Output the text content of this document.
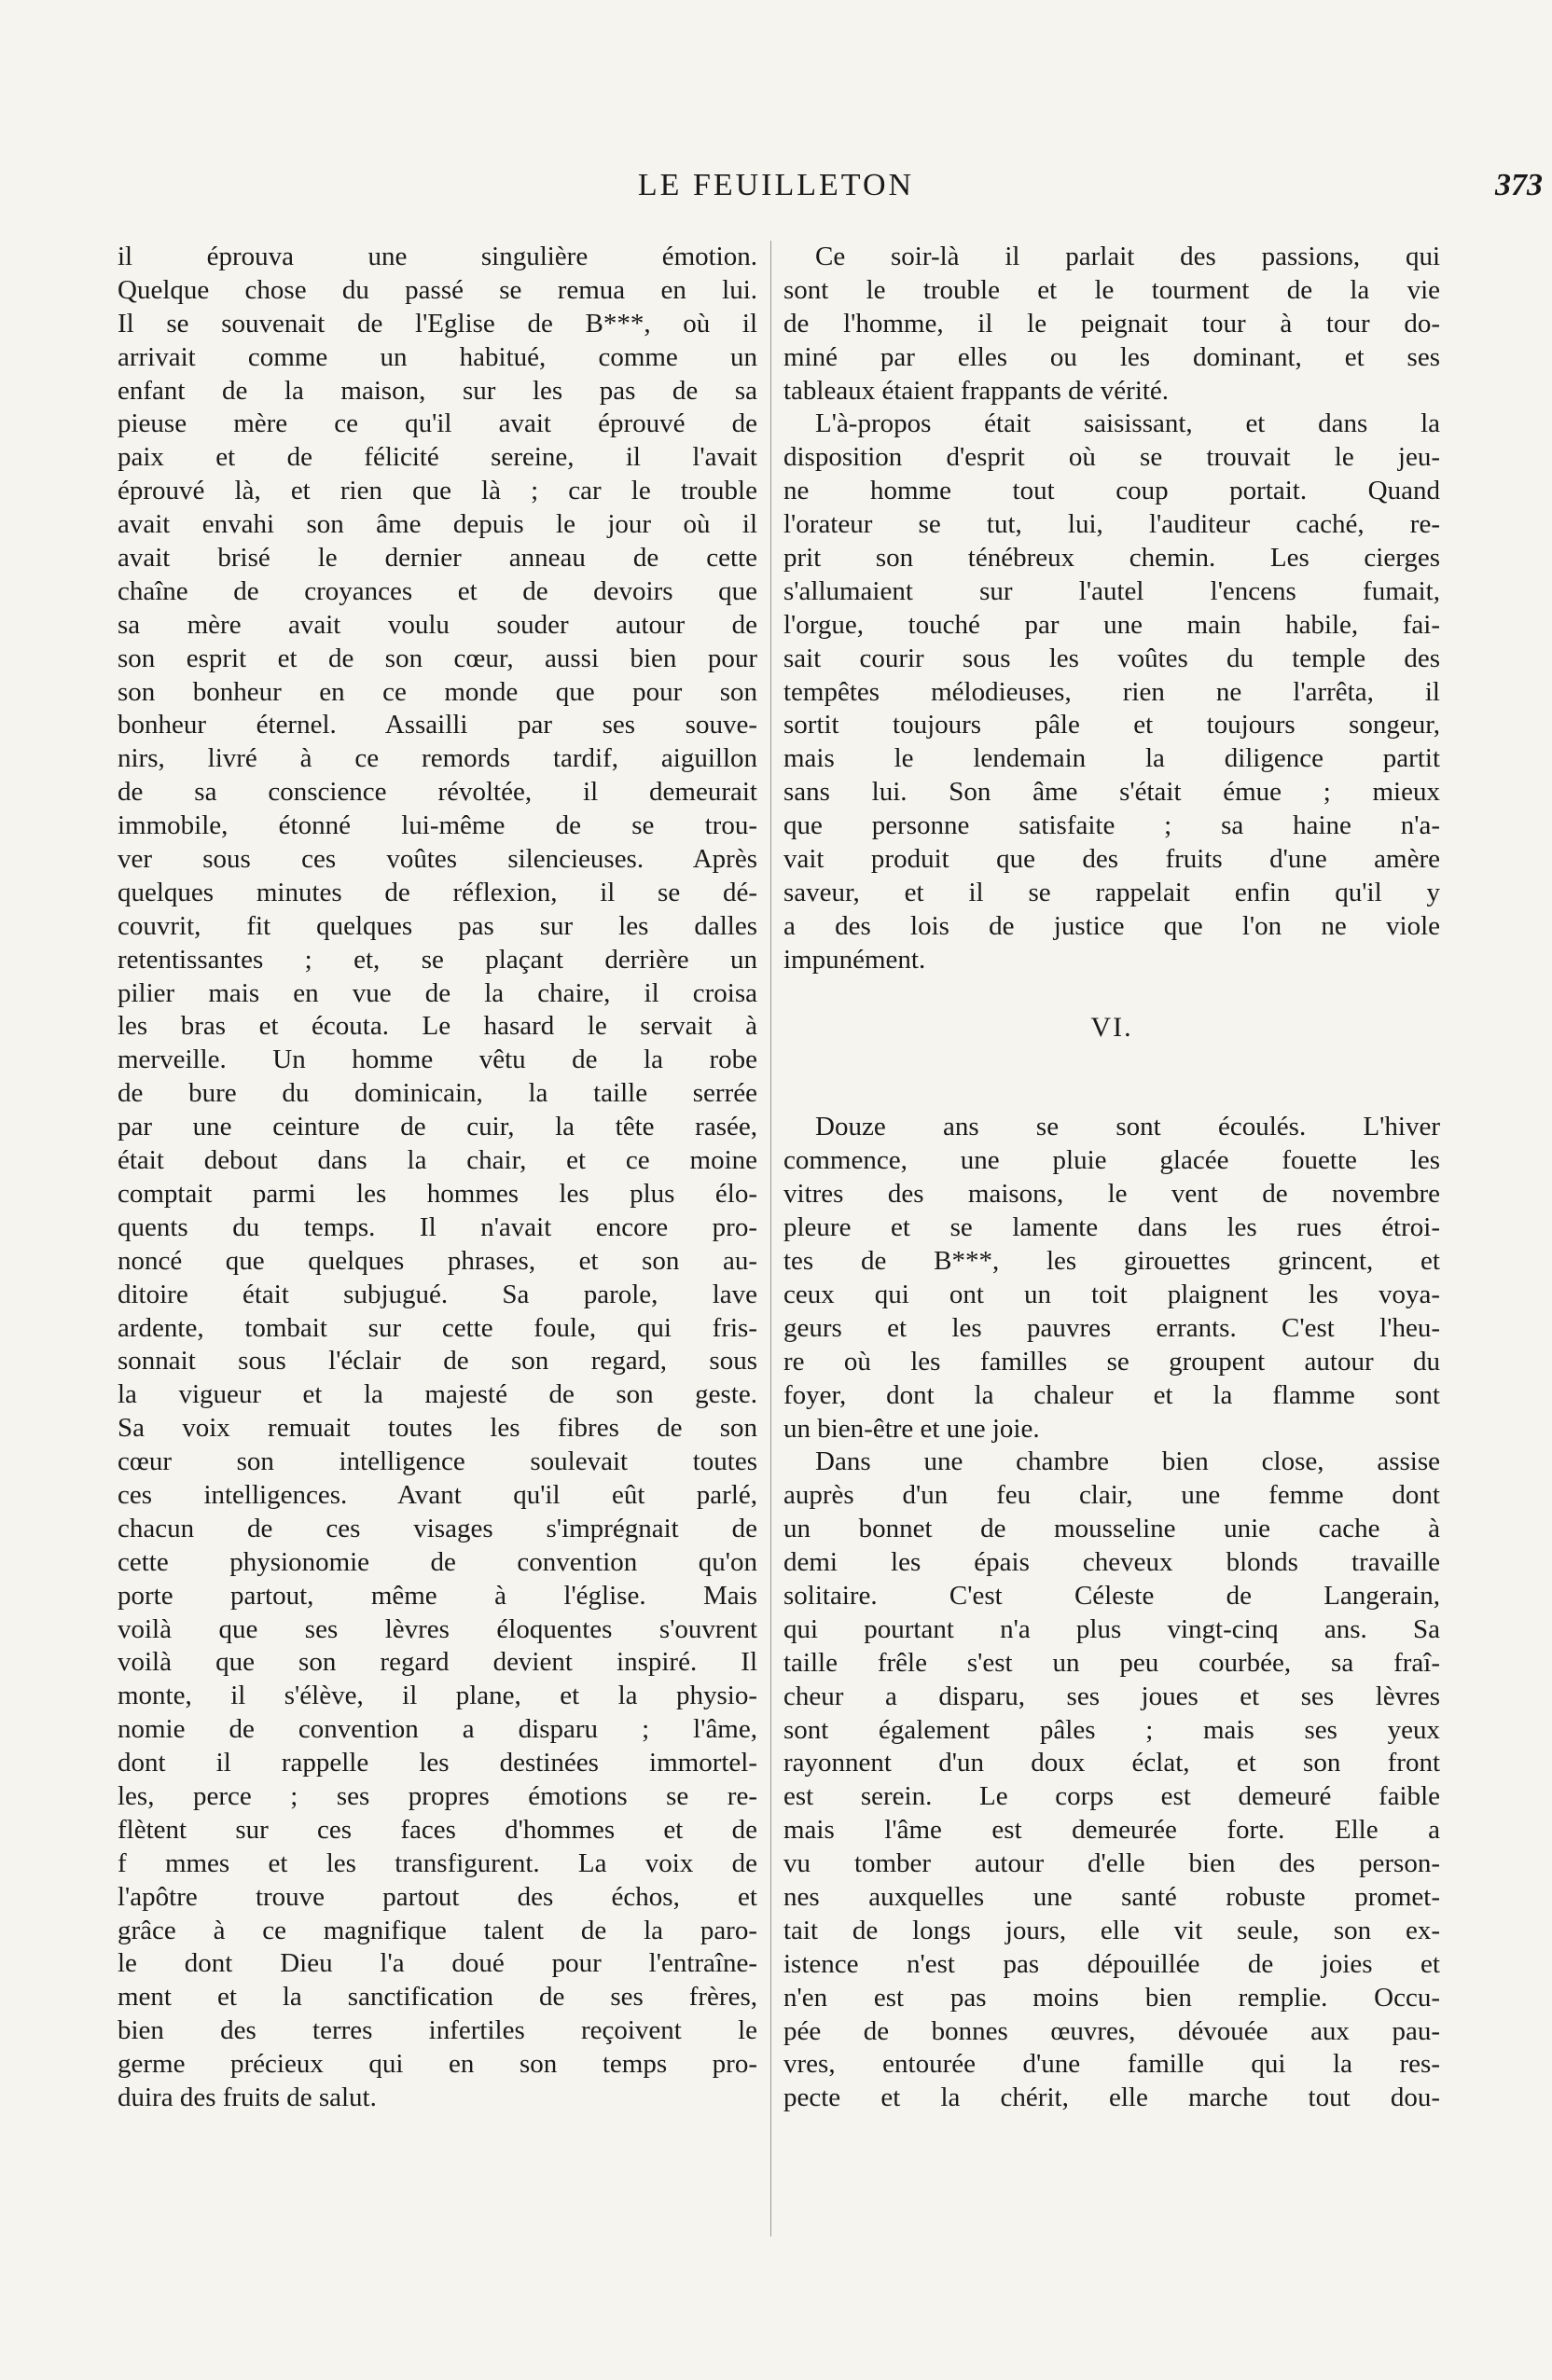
LE FEUILLETON	373
il éprouva une singulière émotion.
Quelque chose du passé se remua en lui.
Il se souvenait de l'Eglise de B***, où il
arrivait comme un habitué, comme un
enfant de la maison, sur les pas de sa
pieuse mère ce qu'il avait éprouvé de
paix et de félicité sereine, il l'avait
éprouvé là, et rien que là ; car le trouble
avait envahi son âme depuis le jour où il
avait brisé le dernier anneau de cette
chaîne de croyances et de devoirs que
sa mère avait voulu souder autour de
son esprit et de son cœur, aussi bien pour
son bonheur en ce monde que pour son
bonheur éternel. Assailli par ses souve-
nirs, livré à ce remords tardif, aiguillon
de sa conscience révoltée, il demeurait
immobile, étonné lui-même de se trou-
ver sous ces voûtes silencieuses. Après
quelques minutes de réflexion, il se dé-
couvrit, fit quelques pas sur les dalles
retentissantes ; et, se plaçant derrière un
pilier mais en vue de la chaire, il croisa
les bras et écouta. Le hasard le servait à
merveille. Un homme vêtu de la robe
de bure du dominicain, la taille serrée
par une ceinture de cuir, la tête rasée,
était debout dans la chair, et ce moine
comptait parmi les hommes les plus élo-
quents du temps. Il n'avait encore pro-
noncé que quelques phrases, et son au-
ditoire était subjugué. Sa parole, lave
ardente, tombait sur cette foule, qui fris-
sonnait sous l'éclair de son regard, sous
la vigueur et la majesté de son geste.
Sa voix remuait toutes les fibres de son
cœur son intelligence soulevait toutes
ces intelligences. Avant qu'il eût parlé,
chacun de ces visages s'imprégnait de
cette physionomie de convention qu'on
porte partout, même à l'église. Mais
voilà que ses lèvres éloquentes s'ouvrent
voilà que son regard devient inspiré. Il
monte, il s'élève, il plane, et la physio-
nomie de convention a disparu ; l'âme,
dont il rappelle les destinées immortel-
les, perce ; ses propres émotions se re-
flètent sur ces faces d'hommes et de
f mmes et les transfigurent. La voix de
l'apôtre trouve partout des échos, et
grâce à ce magnifique talent de la paro-
le dont Dieu l'a doué pour l'entraîne-
ment et la sanctification de ses frères,
bien des terres infertiles reçoivent le
germe précieux qui en son temps pro-
duira des fruits de salut.
Ce soir-là il parlait des passions, qui
sont le trouble et le tourment de la vie
de l'homme, il le peignait tour à tour do-
miné par elles ou les dominant, et ses
tableaux étaient frappants de vérité.
L'à-propos était saisissant, et dans la
disposition d'esprit où se trouvait le jeu-
ne homme tout coup portait. Quand
l'orateur se tut, lui, l'auditeur caché, re-
prit son ténébreux chemin. Les cierges
s'allumaient sur l'autel l'encens fumait,
l'orgue, touché par une main habile, fai-
sait courir sous les voûtes du temple des
tempêtes mélodieuses, rien ne l'arrêta, il
sortit toujours pâle et toujours songeur,
mais le lendemain la diligence partit
sans lui. Son âme s'était émue ; mieux
que personne satisfaite ; sa haine n'a-
vait produit que des fruits d'une amère
saveur, et il se rappelait enfin qu'il y
a des lois de justice que l'on ne viole
impunément.
VI.
Douze ans se sont écoulés. L'hiver
commence, une pluie glacée fouette les
vitres des maisons, le vent de novembre
pleure et se lamente dans les rues étroi-
tes de B***, les girouettes grincent, et
ceux qui ont un toit plaignent les voya-
geurs et les pauvres errants. C'est l'heu-
re où les familles se groupent autour du
foyer, dont la chaleur et la flamme sont
un bien-être et une joie.
Dans une chambre bien close, assise
auprès d'un feu clair, une femme dont
un bonnet de mousseline unie cache à
demi les épais cheveux blonds travaille
solitaire. C'est Céleste de Langerain,
qui pourtant n'a plus vingt-cinq ans. Sa
taille frêle s'est un peu courbée, sa fraî-
cheur a disparu, ses joues et ses lèvres
sont également pâles ; mais ses yeux
rayonnent d'un doux éclat, et son front
est serein. Le corps est demeuré faible
mais l'âme est demeurée forte. Elle a
vu tomber autour d'elle bien des person-
nes auxquelles une santé robuste promet-
tait de longs jours, elle vit seule, son ex-
istence n'est pas dépouillée de joies et
n'en est pas moins bien remplie. Occu-
pée de bonnes œuvres, dévouée aux pau-
vres, entourée d'une famille qui la res-
pecte et la chérit, elle marche tout dou-
